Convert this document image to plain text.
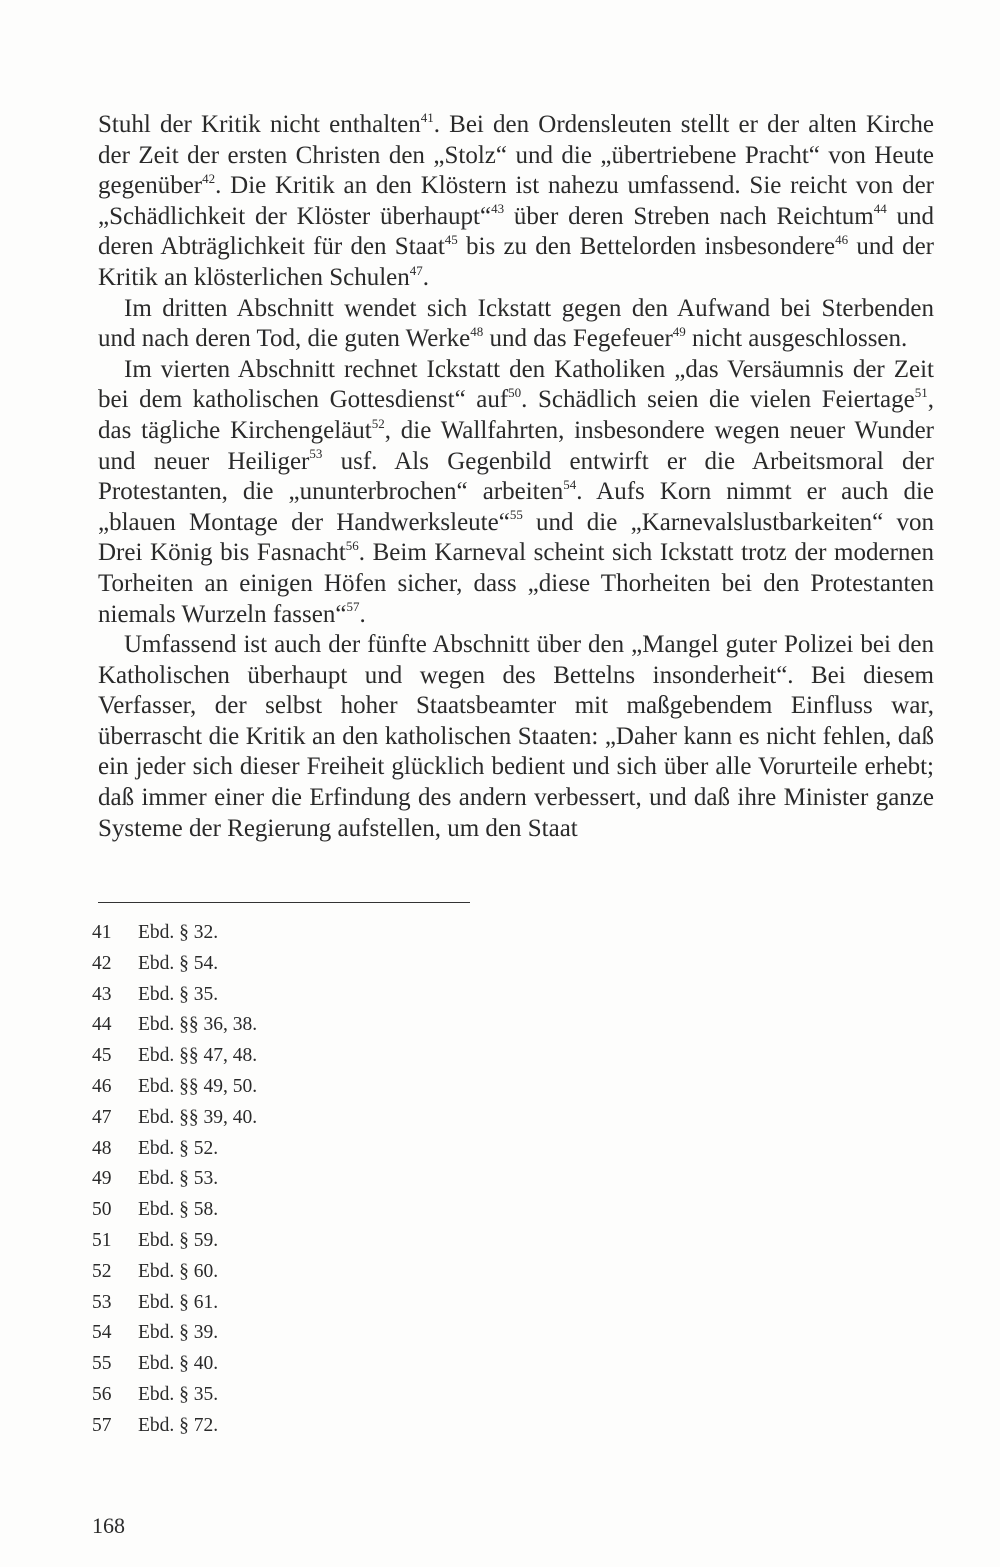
Stuhl der Kritik nicht enthalten$^{41}$. Bei den Ordensleuten stellt er der alten Kirche der Zeit der ersten Christen den „Stolz“ und die „übertriebene Pracht“ von Heute gegenüber$^{42}$. Die Kritik an den Klöstern ist nahezu umfassend. Sie reicht von der „Schädlichkeit der Klöster überhaupt“$^{43}$ über deren Streben nach Reichtum$^{44}$ und deren Abträglichkeit für den Staat$^{45}$ bis zu den Bettelorden insbesondere$^{46}$ und der Kritik an klösterlichen Schulen$^{47}$.

Im dritten Abschnitt wendet sich Ickstatt gegen den Aufwand bei Sterbenden und nach deren Tod, die guten Werke$^{48}$ und das Fegefeuer$^{49}$ nicht ausgeschlossen.

Im vierten Abschnitt rechnet Ickstatt den Katholiken „das Versäumnis der Zeit bei dem katholischen Gottesdienst“ auf$^{50}$. Schädlich seien die vielen Feiertage$^{51}$, das tägliche Kirchengeläut$^{52}$, die Wallfahrten, insbesondere wegen neuer Wunder und neuer Heiliger$^{53}$ usf. Als Gegenbild entwirft er die Arbeitsmoral der Protestanten, die „ununterbrochen“ arbeiten$^{54}$. Aufs Korn nimmt er auch die „blauen Montage der Handwerksleute“$^{55}$ und die „Karnevalslustbarkeiten“ von Drei König bis Fasnacht$^{56}$. Beim Karneval scheint sich Ickstatt trotz der modernen Torheiten an einigen Höfen sicher, dass „diese Thorheiten bei den Protestanten niemals Wurzeln fassen“$^{57}$.

Umfassend ist auch der fünfte Abschnitt über den „Mangel guter Polizei bei den Katholischen überhaupt und wegen des Bettelns insonderheit“. Bei diesem Verfasser, der selbst hoher Staatsbeamter mit maßgebendem Einfluss war, überrascht die Kritik an den katholischen Staaten: „Daher kann es nicht fehlen, daß ein jeder sich dieser Freiheit glücklich bedient und sich über alle Vorurteile erhebt; daß immer einer die Erfindung des andern verbessert, und daß ihre Minister ganze Systeme der Regierung aufstellen, um den Staat

41	Ebd. § 32.
42	Ebd. § 54.
43	Ebd. § 35.
44	Ebd. §§ 36, 38.
45	Ebd. §§ 47, 48.
46	Ebd. §§ 49, 50.
47	Ebd. §§ 39, 40.
48	Ebd. § 52.
49	Ebd. § 53.
50	Ebd. § 58.
51	Ebd. § 59.
52	Ebd. § 60.
53	Ebd. § 61.
54	Ebd. § 39.
55	Ebd. § 40.
56	Ebd. § 35.
57	Ebd. § 72.
168
